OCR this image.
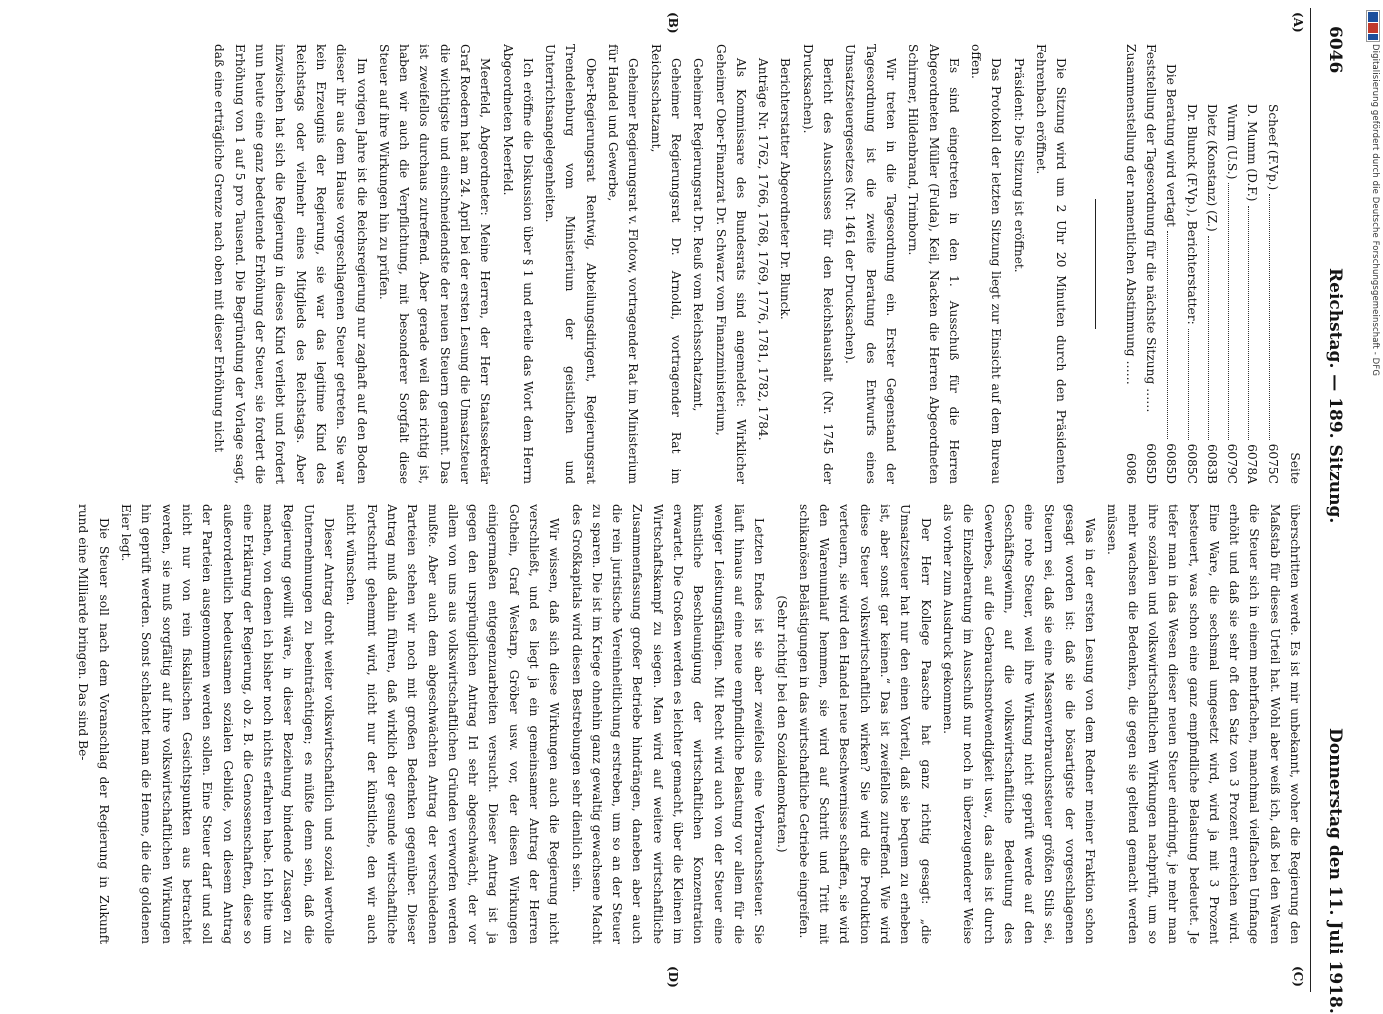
Digitalisierung gefördert durch die Deutsche Forschungsgemeinschaft - DFG
6046
Reichstag. — 189. Sitzung.
Donnerstag den 11. Juli 1918.
(A)
(B)
(C)
(D)
Seite
Scheef (F.Vp.)
6075C
D. Mumm (D.F.)
6078A
Wurm (U.S.)
6079C
Dietz (Konstanz) (Z.)
6083B
Dr. Blunck (F.Vp.), Berichterstatter:
6085C
Die Beratung wird vertagt
6085D

Feststellung der Tagesordnung für die nächste Sitzung ……
6085D

Zusammenstellung der namentlichen Abstimmung ……
6086

Die Sitzung wird um 2 Uhr 20 Minuten durch den Präsidenten Fehrenbach eröffnet.

Präsident: Die Sitzung ist eröffnet.

Das Protokoll der letzten Sitzung liegt zur Einsicht auf dem Bureau offen.

Es sind eingetreten in den 1. Ausschuß für die Herren Abgeordneten Müller (Fulda), Keil, Nacken die Herren Abgeordneten Schirmer, Hildenbrand, Trimborn.

Wir treten in die Tagesordnung ein. Erster Gegenstand der Tagesordnung ist die zweite Beratung des Entwurfs eines Umsatzsteuergesetzes (Nr. 1461 der Drucksachen).

Bericht des Ausschusses für den Reichshaushalt (Nr. 1745 der Drucksachen).

Berichterstatter Abgeordneter Dr. Blunck.

Anträge Nr. 1762, 1766, 1768, 1769, 1776, 1781, 1782, 1784.

Als Kommissare des Bundesrats sind angemeldet: Wirklicher Geheimer Ober-Finanzrat Dr. Schwarz vom Finanzministerium,

Geheimer Regierungsrat Dr. Reuß vom Reichsschatzamt,

Geheimer Regierungsrat Dr. Arnoldi, vortragender Rat im Reichsschatzamt,

Geheimer Regierungsrat v. Flotow, vortragender Rat im Ministerium für Handel und Gewerbe,

Ober-Regierungsrat Rentwig, Abteilungsdirigent, Regierungsrat Trendelenburg vom Ministerium der geistlichen und Unterrichtsangelegenheiten.

Ich eröffne die Diskussion über § 1 und erteile das Wort dem Herrn Abgeordneten Meerfeld.

Meerfeld, Abgeordneter: Meine Herren, der Herr Staatssekretär Graf Roedern hat am 24. April bei der ersten Lesung die Umsatzsteuer die wichtigste und einschneidendste der neuen Steuern genannt. Das ist zweifellos durchaus zutreffend. Aber gerade weil das richtig ist, haben wir auch die Verpflichtung, mit besonderer Sorgfalt diese Steuer auf ihre Wirkungen hin zu prüfen.

Im vorigen Jahre ist die Reichsregierung nur zaghaft auf den Boden dieser ihr aus dem Hause vorgeschlagenen Steuer getreten. Sie war kein Erzeugnis der Regierung, sie war das legitime Kind des Reichstags oder vielmehr eines Mitglieds des Reichstags. Aber inzwischen hat sich die Regierung in dieses Kind verliebt und fordert nun heute eine ganz bedeutende Erhöhung der Steuer, sie fordert die Erhöhung von 1 auf 5 pro Tausend. Die Begründung der Vorlage sagt, daß eine erträgliche Grenze nach oben mit dieser Erhöhung nicht

überschritten werde. Es ist mir unbekannt, woher die Regierung den Maßstab für dieses Urteil hat. Wohl aber weiß ich, daß bei den Waren die Steuer sich in einem mehrfachen, manchmal vielfachen Umfange erhöht und daß sie sehr oft den Satz von 3 Prozent erreichen wird. Eine Ware, die sechsmal umgesetzt wird, wird ja mit 3 Prozent besteuert, was schon eine ganz empfindliche Belastung bedeutet. Je tiefer man in das Wesen dieser neuen Steuer eindringt, je mehr man ihre sozialen und volkswirtschaftlichen Wirkungen nachprüft, um so mehr wachsen die Bedenken, die gegen sie geltend gemacht werden müssen.

Was in der ersten Lesung von dem Redner meiner Fraktion schon gesagt worden ist: daß sie die bösartigste der vorgeschlagenen Steuern sei, daß sie eine Massenverbrauchssteuer größten Stils sei, eine rohe Steuer, weil ihre Wirkung nicht geprüft werde auf den Geschäftsgewinn, auf die volkswirtschaftliche Bedeutung des Gewerbes, auf die Gebrauchsnotwendigkeit usw., das alles ist durch die Einzelberatung im Ausschuß nur noch in überzeugenderer Weise als vorher zum Ausdruck gekommen.

Der Herr Kollege Paasche hat ganz richtig gesagt: „die Umsatzsteuer hat nur den einen Vorteil, daß sie bequem zu erheben ist, aber sonst gar keinen.“ Das ist zweifellos zutreffend. Wie wird diese Steuer volkswirtschaftlich wirken? Sie wird die Produktion verteuern, sie wird den Handel neue Beschwernisse schaffen, sie wird den Warenumlauf hemmen, sie wird auf Schritt und Tritt mit schikanösen Belästigungen in das wirtschaftliche Getriebe eingreifen.

(Sehr richtig! bei den Sozialdemokraten.)

Letzten Endes ist sie aber zweifellos eine Verbrauchssteuer. Sie läuft hinaus auf eine neue empfindliche Belastung vor allem für die weniger Leistungsfähigen. Mit Recht wird auch von der Steuer eine künstliche Beschleunigung der wirtschaftlichen Konzentration erwartet. Die Großen werden es leichter gemacht, über die Kleinen im Wirtschaftskampf zu siegen. Man wird auf weitere wirtschaftliche Zusammenfassung großer Betriebe hindrängen, daneben aber auch die rein juristische Vereinheitlichung erstreben, um so an der Steuer zu sparen. Die ist im Kriege ohnehin ganz gewaltig gewachsene Macht des Großkapitals wird diesen Bestrebungen sehr dienlich sein.

Wir wissen, daß sich diese Wirkungen auch die Regierung nicht verschließt, und es liegt ja ein gemeinsamer Antrag der Herren Gothein, Graf Westarp, Gröber usw. vor, der diesen Wirkungen einigermaßen entgegenzuarbeiten versucht. Dieser Antrag ist ja gegen den ursprünglichen Antrag Irl sehr abgeschwächt, der vor allem von uns aus volkswirtschaftlichen Gründen verworfen werden mußte. Aber auch dem abgeschwächten Antrag der verschiedenen Parteien stehen wir noch mit großen Bedenken gegenüber. Dieser Antrag muß dahin führen, daß wirklich der gesunde wirtschaftliche Fortschritt gehemmt wird, nicht nur der künstliche, den wir auch nicht wünschen.

Dieser Antrag droht weiter volkswirtschaftlich und sozial wertvolle Unternehmungen zu beeinträchtigen; es müßte denn sein, daß die Regierung gewillt wäre, in dieser Beziehung bindende Zusagen zu machen, von denen ich bisher noch nichts erfahren habe. Ich bitte um eine Erklärung der Regierung, ob z. B. die Genossenschaften, diese so außerordentlich bedeutsamen sozialen Gebilde, von diesem Antrag der Parteien ausgenommen werden sollen. Eine Steuer darf und soll nicht nur von rein fiskalischen Gesichtspunkten aus betrachtet werden, sie muß sorgfältig auf ihre volkswirtschaftlichen Wirkungen hin geprüft werden. Sonst schlachtet man die Henne, die die goldenen Eier legt.

Die Steuer soll nach dem Voranschlag der Regierung in Zukunft rund eine Milliarde bringen. Das sind Be-
